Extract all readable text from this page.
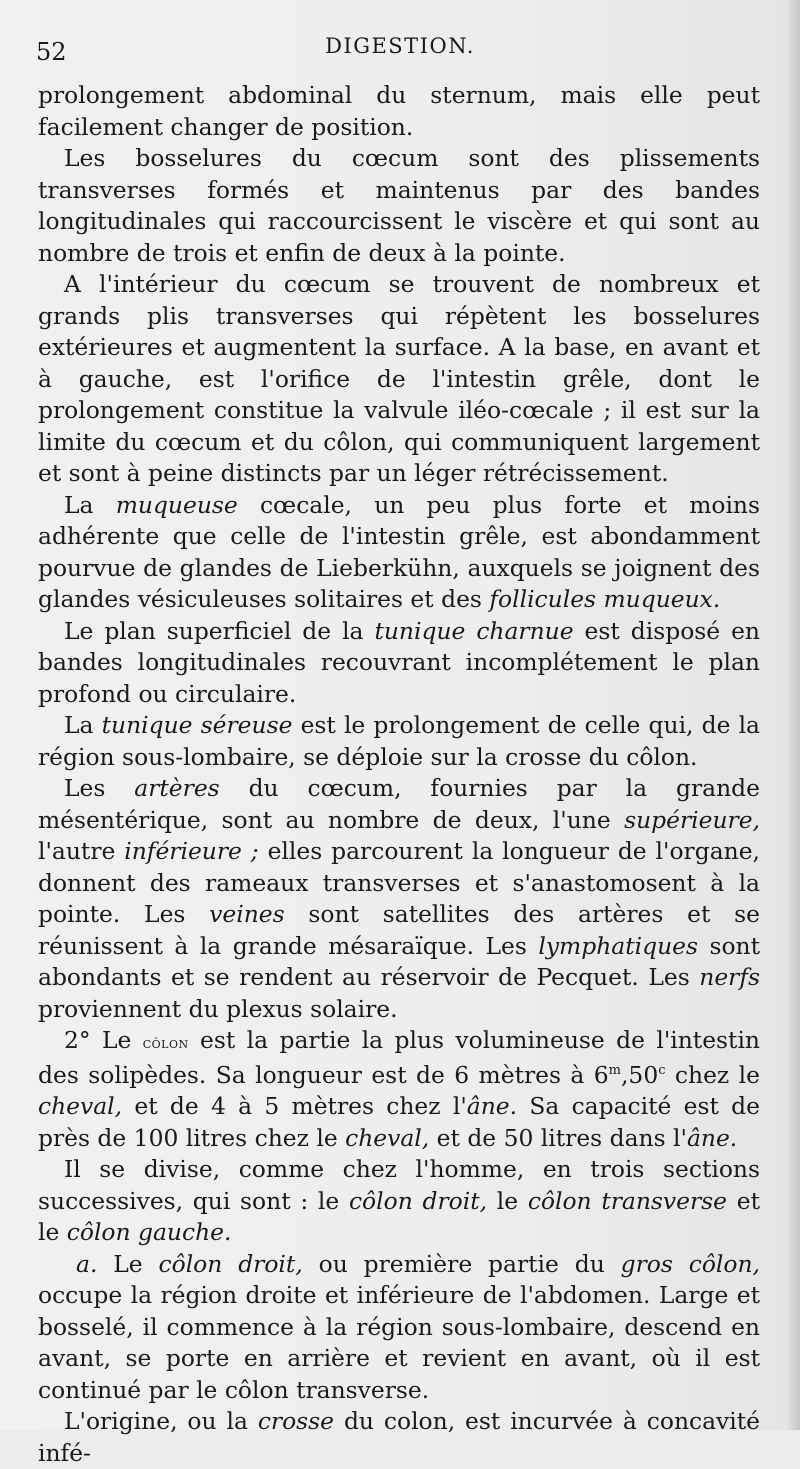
52	DIGESTION.

prolongement abdominal du sternum, mais elle peut facilement changer de position.

Les bosselures du cœcum sont des plissements transverses formés et maintenus par des bandes longitudinales qui raccourcissent le viscère et qui sont au nombre de trois et enfin de deux à la pointe.

A l'intérieur du cœcum se trouvent de nombreux et grands plis transverses qui répètent les bosselures extérieures et augmentent la surface. A la base, en avant et à gauche, est l'orifice de l'intestin grêle, dont le prolongement constitue la valvule iléo-cœcale ; il est sur la limite du cœcum et du côlon, qui communiquent largement et sont à peine distincts par un léger rétrécissement.

La muqueuse cœcale, un peu plus forte et moins adhérente que celle de l'intestin grêle, est abondamment pourvue de glandes de Lieberkühn, auxquels se joignent des glandes vésiculeuses solitaires et des follicules muqueux.

Le plan superficiel de la tunique charnue est disposé en bandes longitudinales recouvrant incomplétement le plan profond ou circulaire.

La tunique séreuse est le prolongement de celle qui, de la région sous-lombaire, se déploie sur la crosse du côlon.

Les artères du cœcum, fournies par la grande mésentérique, sont au nombre de deux, l'une supérieure, l'autre inférieure ; elles parcourent la longueur de l'organe, donnent des rameaux transverses et s'anastomosent à la pointe. Les veines sont satellites des artères et se réunissent à la grande mésaraïque. Les lymphatiques sont abondants et se rendent au réservoir de Pecquet. Les nerfs proviennent du plexus solaire.

2° Le côlon est la partie la plus volumineuse de l'intestin des solipèdes. Sa longueur est de 6 mètres à 6$^m$,50$^c$ chez le cheval, et de 4 à 5 mètres chez l'âne. Sa capacité est de près de 100 litres chez le cheval, et de 50 litres dans l'âne.

Il se divise, comme chez l'homme, en trois sections successives, qui sont : le côlon droit, le côlon transverse et le côlon gauche.

a. Le côlon droit, ou première partie du gros côlon, occupe la région droite et inférieure de l'abdomen. Large et bosselé, il commence à la région sous-lombaire, descend en avant, se porte en arrière et revient en avant, où il est continué par le côlon transverse.

L'origine, ou la crosse du colon, est incurvée à concavité infé-
